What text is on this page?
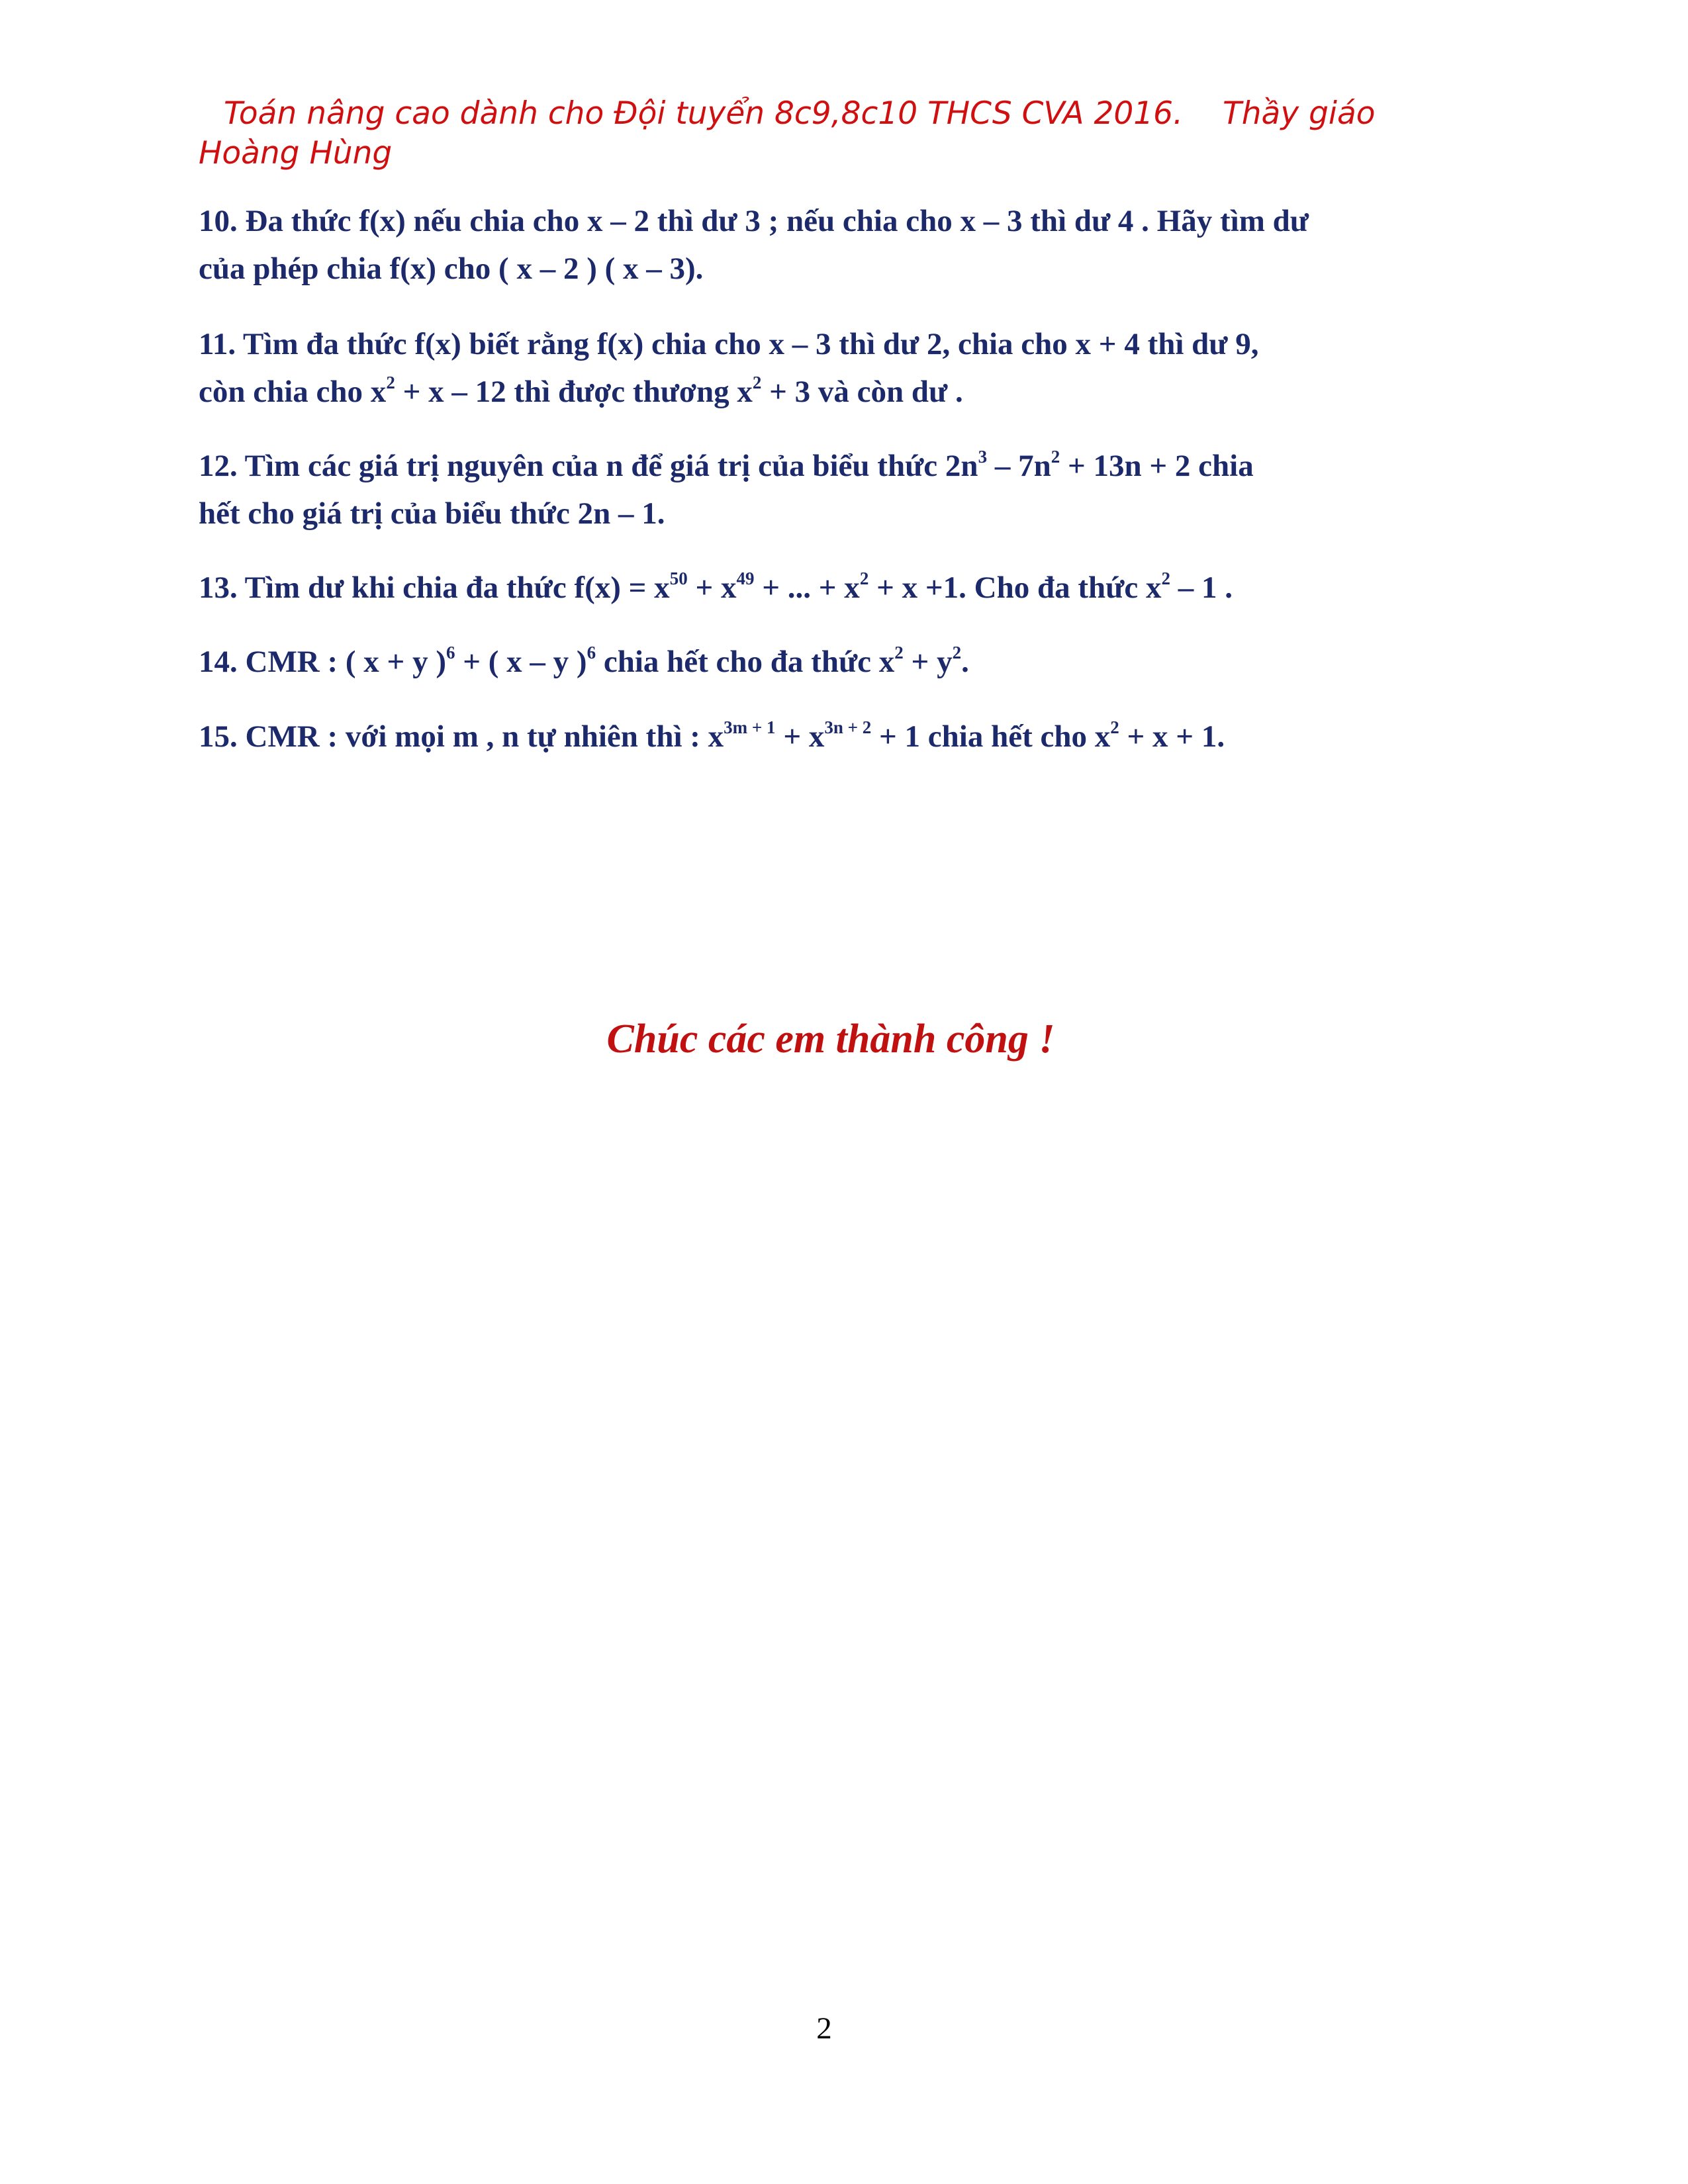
Toán nâng cao dành cho Đội tuyển 8c9,8c10 THCS CVA 2016. Thầy giáo
Hoàng Hùng
10. Đa thức f(x) nếu chia cho x – 2 thì dư 3 ; nếu chia cho x – 3 thì dư 4 . Hãy tìm dư
của phép chia f(x) cho ( x – 2 ) ( x – 3).
11. Tìm đa thức f(x) biết rằng f(x) chia cho x – 3 thì dư 2, chia cho x + 4 thì dư 9,
còn chia cho $x^2 + x - 12$ thì được thương $x^2 + 3$ và còn dư .
12. Tìm các giá trị nguyên của n để giá trị của biểu thức $2n^3 - 7n^2 + 13n + 2$ chia
hết cho giá trị của biểu thức 2n – 1.
13. Tìm dư khi chia đa thức $f(x) = x^{50} + x^{49}$ + ... + $x^2 + x +1$. Cho đa thức $x^2 - 1$ .
14. CMR : ( x + y )$^6$ + ( x – y )$^6$ chia hết cho đa thức $x^2 + y^2$.
15. CMR : với mọi m , n tự nhiên thì : $x^{3m + 1} + x^{3n + 2} + 1$ chia hết cho $x^2 + x + 1$.
Chúc các em thành công !
2
